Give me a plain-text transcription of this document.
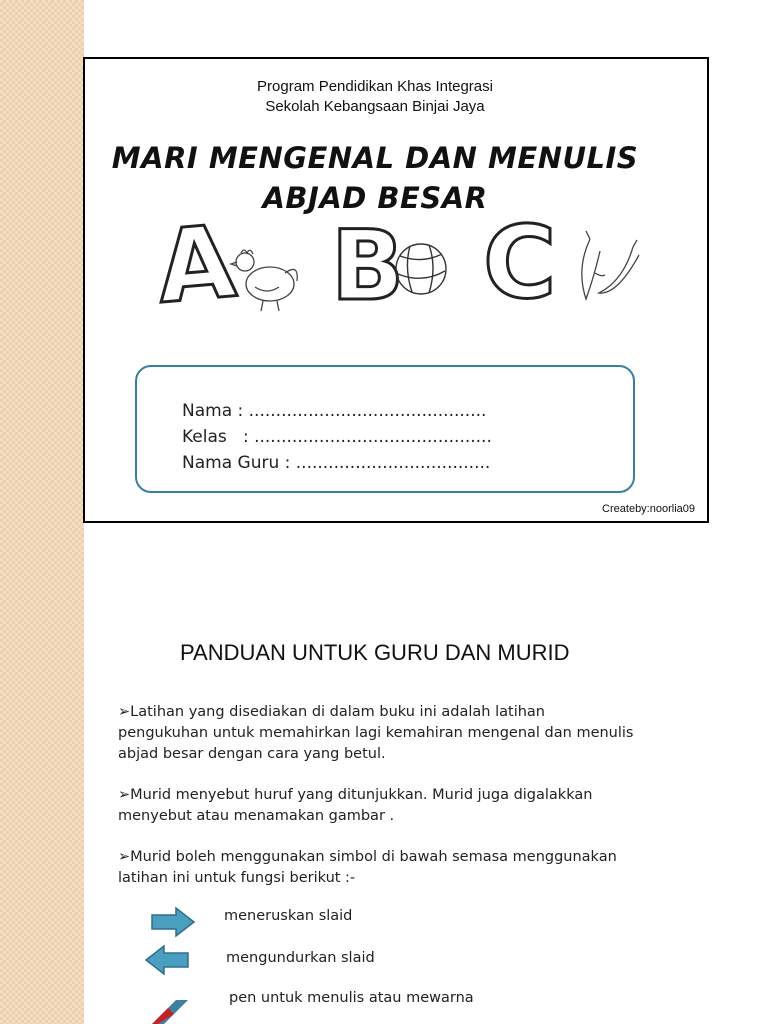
Program Pendidikan Khas Integrasi
Sekolah Kebangsaan Binjai Jaya
MARI MENGENAL DAN MENULIS
ABJAD BESAR
A B C
Nama : ............................................
Kelas   : ............................................
Nama Guru : ....................................
Createby:noorlia09
PANDUAN UNTUK GURU DAN MURID
➢Latihan yang disediakan di dalam buku ini adalah latihan
pengukuhan untuk memahirkan lagi kemahiran mengenal dan menulis
abjad besar dengan cara yang betul.
➢Murid menyebut huruf yang ditunjukkan. Murid juga digalakkan
menyebut atau menamakan gambar .
➢Murid boleh menggunakan simbol di bawah semasa menggunakan
latihan ini untuk fungsi berikut :-
meneruskan slaid
mengundurkan slaid
pen untuk menulis atau mewarna
